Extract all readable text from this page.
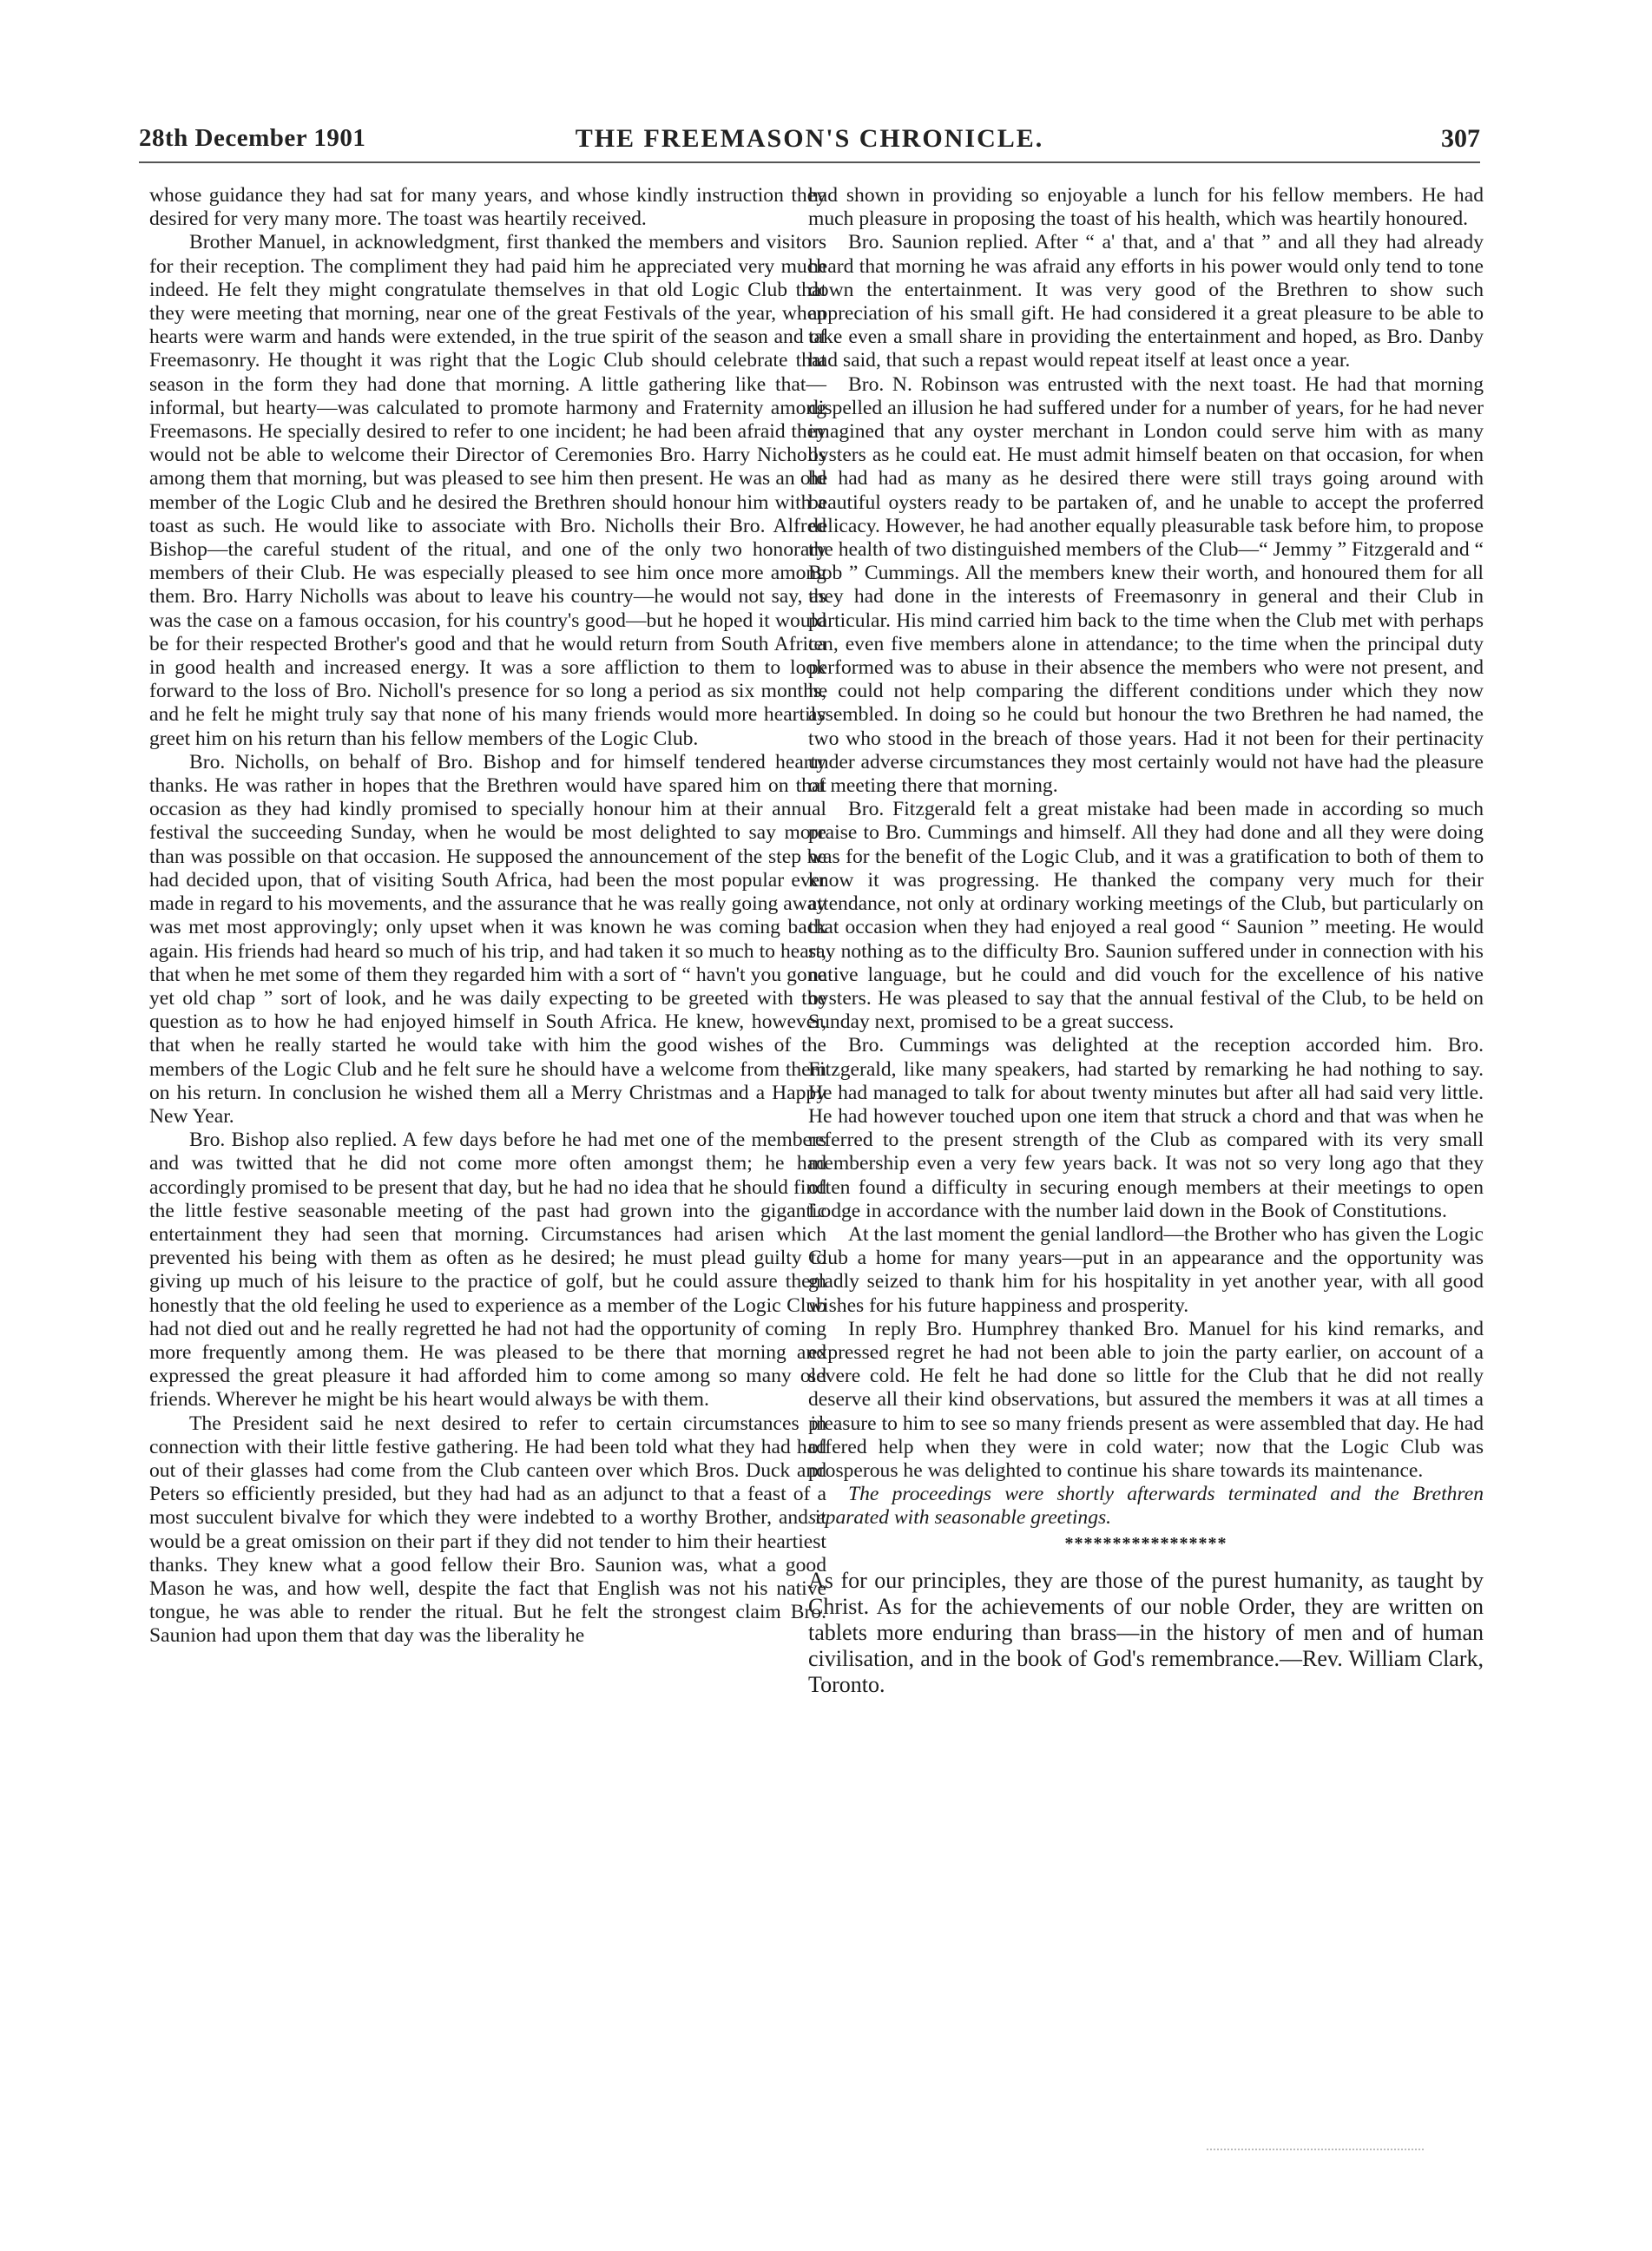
28th December 1901	THE FREEMASON'S CHRONICLE.	307

whose guidance they had sat for many years, and whose kindly instruction they desired for very many more. The toast was heartily received.

Brother Manuel, in acknowledgment, first thanked the members and visitors for their reception. The compliment they had paid him he appreciated very much indeed. He felt they might congratulate themselves in that old Logic Club that they were meeting that morning, near one of the great Festivals of the year, when hearts were warm and hands were extended, in the true spirit of the season and of Freemasonry. He thought it was right that the Logic Club should celebrate that season in the form they had done that morning. A little gathering like that—informal, but hearty—was calculated to promote harmony and Fraternity among Freemasons. He specially desired to refer to one incident; he had been afraid they would not be able to welcome their Director of Ceremonies Bro. Harry Nicholls among them that morning, but was pleased to see him then present. He was an old member of the Logic Club and he desired the Brethren should honour him with a toast as such. He would like to associate with Bro. Nicholls their Bro. Alfred Bishop—the careful student of the ritual, and one of the only two honorary members of their Club. He was especially pleased to see him once more among them. Bro. Harry Nicholls was about to leave his country—he would not say, as was the case on a famous occasion, for his country's good—but he hoped it would be for their respected Brother's good and that he would return from South Africa in good health and increased energy. It was a sore affliction to them to look forward to the loss of Bro. Nicholl's presence for so long a period as six months, and he felt he might truly say that none of his many friends would more heartily greet him on his return than his fellow members of the Logic Club.

Bro. Nicholls, on behalf of Bro. Bishop and for himself tendered hearty thanks. He was rather in hopes that the Brethren would have spared him on that occasion as they had kindly promised to specially honour him at their annual festival the succeeding Sunday, when he would be most delighted to say more than was possible on that occasion. He supposed the announcement of the step he had decided upon, that of visiting South Africa, had been the most popular ever made in regard to his movements, and the assurance that he was really going away was met most approvingly; only upset when it was known he was coming back again. His friends had heard so much of his trip, and had taken it so much to heart, that when he met some of them they regarded him with a sort of “ havn't you gone yet old chap ” sort of look, and he was daily expecting to be greeted with the question as to how he had enjoyed himself in South Africa. He knew, however, that when he really started he would take with him the good wishes of the members of the Logic Club and he felt sure he should have a welcome from them on his return. In conclusion he wished them all a Merry Christmas and a Happy New Year.

Bro. Bishop also replied. A few days before he had met one of the members and was twitted that he did not come more often amongst them; he had accordingly promised to be present that day, but he had no idea that he should find the little festive seasonable meeting of the past had grown into the gigantic entertainment they had seen that morning. Circumstances had arisen which prevented his being with them as often as he desired; he must plead guilty to giving up much of his leisure to the practice of golf, but he could assure them honestly that the old feeling he used to experience as a member of the Logic Club had not died out and he really regretted he had not had the opportunity of coming more frequently among them. He was pleased to be there that morning and expressed the great pleasure it had afforded him to come among so many old friends. Wherever he might be his heart would always be with them.

The President said he next desired to refer to certain circumstances in connection with their little festive gathering. He had been told what they had had out of their glasses had come from the Club canteen over which Bros. Duck and Peters so efficiently presided, but they had had as an adjunct to that a feast of a most succulent bivalve for which they were indebted to a worthy Brother, and it would be a great omission on their part if they did not tender to him their heartiest thanks. They knew what a good fellow their Bro. Saunion was, what a good Mason he was, and how well, despite the fact that English was not his native tongue, he was able to render the ritual. But he felt the strongest claim Bro. Saunion had upon them that day was the liberality he

had shown in providing so enjoyable a lunch for his fellow members. He had much pleasure in proposing the toast of his health, which was heartily honoured.

Bro. Saunion replied. After “ a' that, and a' that ” and all they had already heard that morning he was afraid any efforts in his power would only tend to tone down the entertainment. It was very good of the Brethren to show such appreciation of his small gift. He had considered it a great pleasure to be able to take even a small share in providing the entertainment and hoped, as Bro. Danby had said, that such a repast would repeat itself at least once a year.

Bro. N. Robinson was entrusted with the next toast. He had that morning dispelled an illusion he had suffered under for a number of years, for he had never imagined that any oyster merchant in London could serve him with as many oysters as he could eat. He must admit himself beaten on that occasion, for when he had had as many as he desired there were still trays going around with beautiful oysters ready to be partaken of, and he unable to accept the proferred delicacy. However, he had another equally pleasurable task before him, to propose the health of two distinguished members of the Club—“ Jemmy ” Fitzgerald and “ Bob ” Cummings. All the members knew their worth, and honoured them for all they had done in the interests of Freemasonry in general and their Club in particular. His mind carried him back to the time when the Club met with perhaps ten, even five members alone in attendance; to the time when the principal duty performed was to abuse in their absence the members who were not present, and he could not help comparing the different conditions under which they now assembled. In doing so he could but honour the two Brethren he had named, the two who stood in the breach of those years. Had it not been for their pertinacity under adverse circumstances they most certainly would not have had the pleasure of meeting there that morning.

Bro. Fitzgerald felt a great mistake had been made in according so much praise to Bro. Cummings and himself. All they had done and all they were doing was for the benefit of the Logic Club, and it was a gratification to both of them to know it was progressing. He thanked the company very much for their attendance, not only at ordinary working meetings of the Club, but particularly on that occasion when they had enjoyed a real good “ Saunion ” meeting. He would say nothing as to the difficulty Bro. Saunion suffered under in connection with his native language, but he could and did vouch for the excellence of his native oysters. He was pleased to say that the annual festival of the Club, to be held on Sunday next, promised to be a great success.

Bro. Cummings was delighted at the reception accorded him. Bro. Fitzgerald, like many speakers, had started by remarking he had nothing to say. He had managed to talk for about twenty minutes but after all had said very little. He had however touched upon one item that struck a chord and that was when he referred to the present strength of the Club as compared with its very small membership even a very few years back. It was not so very long ago that they often found a difficulty in securing enough members at their meetings to open Lodge in accordance with the number laid down in the Book of Constitutions.

At the last moment the genial landlord—the Brother who has given the Logic Club a home for many years—put in an appearance and the opportunity was gladly seized to thank him for his hospitality in yet another year, with all good wishes for his future happiness and prosperity.

In reply Bro. Humphrey thanked Bro. Manuel for his kind remarks, and expressed regret he had not been able to join the party earlier, on account of a severe cold. He felt he had done so little for the Club that he did not really deserve all their kind observations, but assured the members it was at all times a pleasure to him to see so many friends present as were assembled that day. He had offered help when they were in cold water; now that the Logic Club was prosperous he was delighted to continue his share towards its maintenance.

The proceedings were shortly afterwards terminated and the Brethren separated with seasonable greetings.

*****************

As for our principles, they are those of the purest humanity, as taught by Christ. As for the achievements of our noble Order, they are written on tablets more enduring than brass—in the history of men and of human civilisation, and in the book of God's remembrance.—Rev. William Clark, Toronto.
